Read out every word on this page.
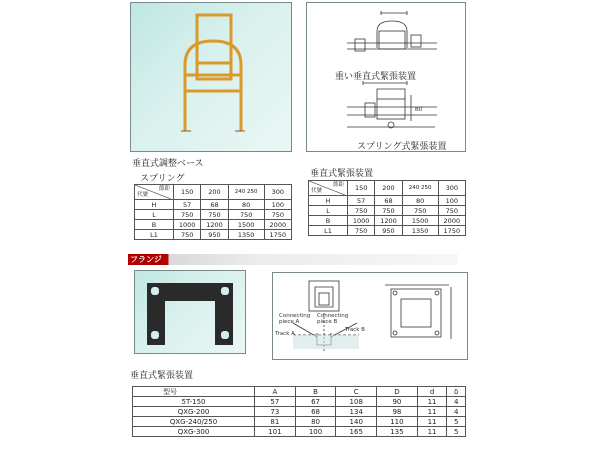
垂直式調整ベース
スプリング
重い垂直式緊張装置
B0
スプリング式緊張装置
垂直式緊張装置
節距
代號	150	200	240 250	300
H	57	68	80	100
L	750	750	750	750
B	1000	1200	1500	2000
L1	750	950	1350	1750
節距
代號	150	200	240 250	300
H	57	68	80	100
L	750	750	750	750
B	1000	1200	1500	2000
L1	750	950	1350	1750
フランジ
Connecting piece A
Connecting piece B
Track A
Track B
垂直式緊張装置
型号	A	B	C	D	d	δ
5T-150	57	67	108	90	11	4
QXG-200	73	68	134	98	11	4
QXG-240/250	81	80	140	110	11	5
QXG-300	101	100	165	135	11	5
